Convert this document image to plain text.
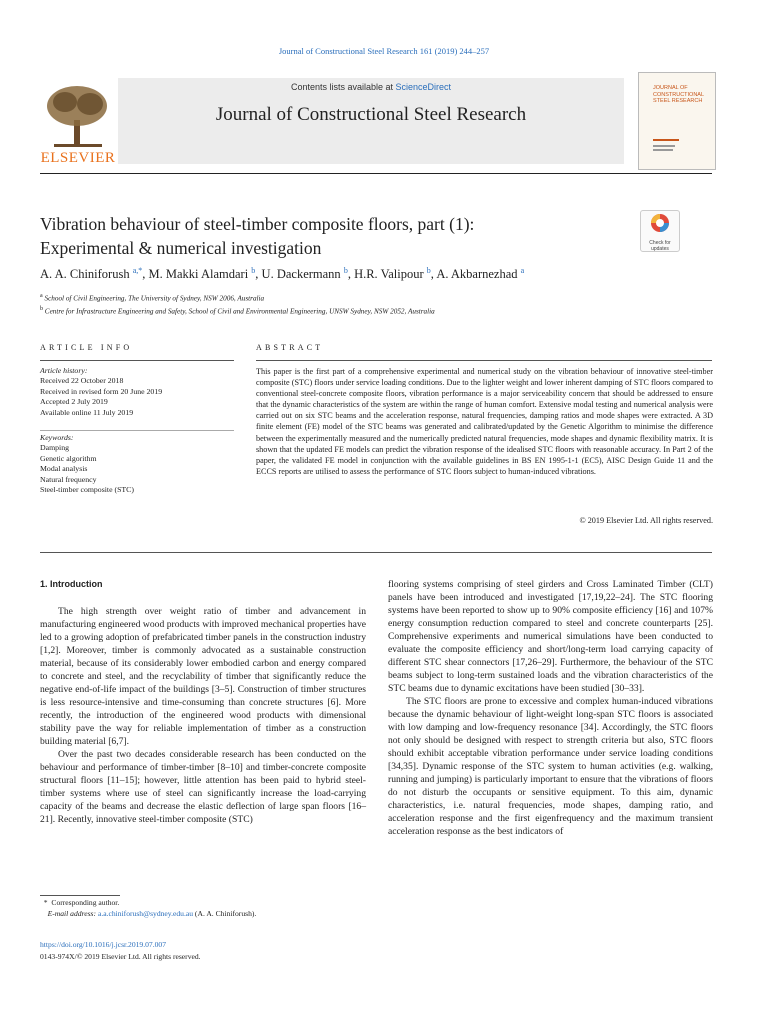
Journal of Constructional Steel Research 161 (2019) 244–257
ELSEVIER
Contents lists available at ScienceDirect
Journal of Constructional Steel Research
JOURNAL OF CONSTRUCTIONAL STEEL RESEARCH
Vibration behaviour of steel-timber composite floors, part (1):
Experimental & numerical investigation	Check for updates
A. A. Chiniforush $^{a,*}$, M. Makki Alamdari $^b$, U. Dackermann $^b$, H.R. Valipour $^b$, A. Akbarnezhad $^a$
$^a$ School of Civil Engineering, The University of Sydney, NSW 2006, Australia
$^b$ Centre for Infrastructure Engineering and Safety, School of Civil and Environmental Engineering, UNSW Sydney, NSW 2052, Australia
ARTICLE INFO	ABSTRACT
Article history:
Received 22 October 2018
Received in revised form 20 June 2019
Accepted 2 July 2019
Available online 11 July 2019
Keywords:
Damping
Genetic algorithm
Modal analysis
Natural frequency
Steel-timber composite (STC)
This paper is the first part of a comprehensive experimental and numerical study on the vibration behaviour of innovative steel-timber composite (STC) floors under service loading conditions. Due to the lighter weight and lower inherent damping of STC floors compared to conventional steel-concrete composite floors, vibration performance is a major serviceability concern that should be addressed to ensure that the dynamic characteristics of the system are within the range of human comfort. Extensive modal testing and numerical analysis were carried out on six STC beams and the acceleration response, natural frequencies, damping ratios and mode shapes were extracted. A 3D finite element (FE) model of the STC beams was generated and calibrated/updated by the Genetic Algorithm to minimise the difference between the experimentally measured and the numerically predicted natural frequencies, mode shapes and dynamic flexibility matrix. It is shown that the updated FE models can predict the vibration response of the idealised STC floors with reasonable accuracy. In Part 2 of the paper, the validated FE model in conjunction with the available guidelines in BS EN 1995-1-1 (EC5), AISC Design Guide 11 and the ECCS reports are utilised to assess the performance of STC floors subject to human-induced vibrations.
© 2019 Elsevier Ltd. All rights reserved.
1. Introduction

The high strength over weight ratio of timber and advancement in manufacturing engineered wood products with improved mechanical properties have led to a growing adoption of prefabricated timber panels in the construction industry [1,2]. Moreover, timber is commonly advocated as a sustainable construction material, because of its considerably lower embodied carbon and energy compared to concrete and steel, and the recyclability of timber that significantly reduce the negative end-of-life impact of the buildings [3–5]. Construction of timber structures is less resource-intensive and time-consuming than concrete structures [6]. More recently, the introduction of the engineered wood products with dimensional stability pave the way for reliable implementation of timber as a construction building material [6,7].

Over the past two decades considerable research has been conducted on the behaviour and performance of timber-timber [8–10] and timber-concrete composite structural floors [11–15]; however, little attention has been paid to hybrid steel-timber systems where use of steel can significantly increase the load-carrying capacity of the beams and decrease the elastic deflection of large span floors [16–21]. Recently, innovative steel-timber composite (STC)

flooring systems comprising of steel girders and Cross Laminated Timber (CLT) panels have been introduced and investigated [17,19,22–24]. The STC flooring systems have been reported to show up to 90% composite efficiency [16] and 107% energy consumption reduction compared to steel and concrete counterparts [25]. Comprehensive experiments and numerical simulations have been conducted to evaluate the composite efficiency and short/long-term load carrying capacity of different STC shear connectors [17,26–29]. Furthermore, the behaviour of the STC beams subject to long-term sustained loads and the vibration characteristics of the STC beams due to dynamic excitations have been studied [30–33].

The STC floors are prone to excessive and complex human-induced vibrations because the dynamic behaviour of light-weight long-span STC floors is associated with low damping and low-frequency resonance [34]. Accordingly, the STC floors not only should be designed with respect to strength criteria but also, STC floors should exhibit acceptable vibration performance under service loading conditions [34,35]. Dynamic response of the STC system to human activities (e.g. walking, running and jumping) is particularly important to ensure that the vibrations of floors do not disturb the occupants or sensitive equipment. To this aim, dynamic characteristics, i.e. natural frequencies, mode shapes, damping ratio, and acceleration response and the first eigenfrequency and the maximum transient acceleration response as the best indicators of

* Corresponding author.
E-mail address: a.a.chiniforush@sydney.edu.au (A. A. Chiniforush).
https://doi.org/10.1016/j.jcsr.2019.07.007
0143-974X/© 2019 Elsevier Ltd. All rights reserved.
